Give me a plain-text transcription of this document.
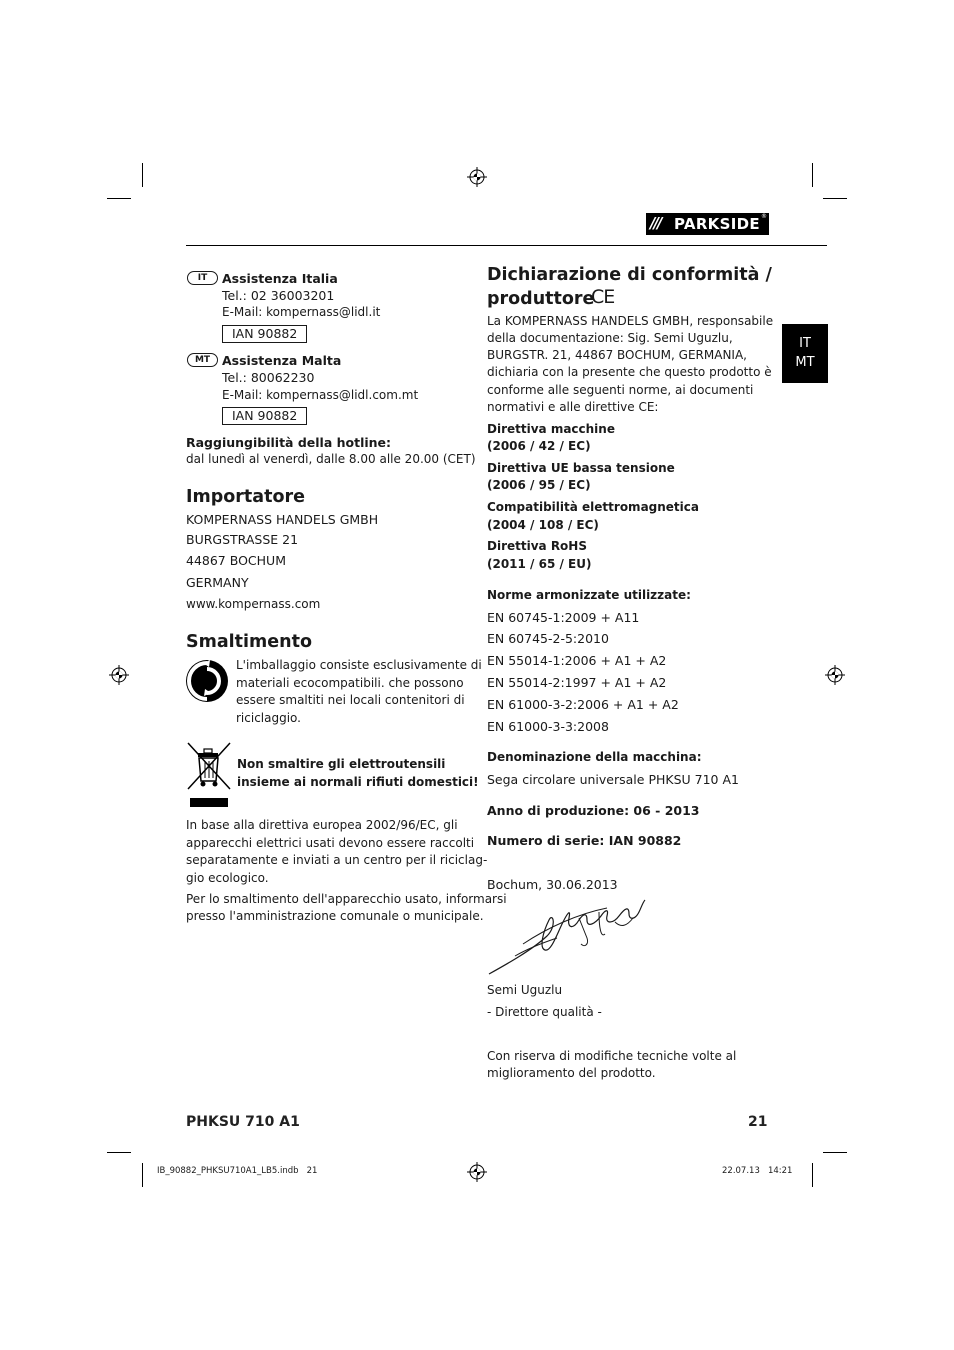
/// PARKSIDE ®
IT
MT
IT	Assistenza Italia
Tel.: 02 36003201
E-Mail: kompernass@lidl.it
IAN 90882
MT Assistenza Malta
Tel.: 80062230
E-Mail: kompernass@lidl.com.mt
IAN 90882
Raggiungibilità della hotline:
dal lunedì al venerdì, dalle 8.00 alle 20.00 (CET)
Importatore
KOMPERNASS HANDELS GMBH
BURGSTRASSE 21
44867 BOCHUM
GERMANY
www.kompernass.com
Smaltimento
L'imballaggio consiste esclusivamente di
materiali ecocompatibili. che possono
essere smaltiti nei locali contenitori di
riciclaggio.
Non smaltire gli elettroutensili
insieme ai normali rifiuti domestici!
In base alla direttiva europea 2002/96/EC, gli
apparecchi elettrici usati devono essere raccolti
separatamente e inviati a un centro per il riciclag-
gio ecologico.
Per lo smaltimento dell'apparecchio usato, informarsi
presso l'amministrazione comunale o municipale.
Dichiarazione di conformità /
produttore
CE
La KOMPERNASS HANDELS GMBH, responsabile
della documentazione: Sig. Semi Uguzlu,
BURGSTR. 21, 44867 BOCHUM, GERMANIA,
dichiaria con la presente che questo prodotto è
conforme alle seguenti norme, ai documenti
normativi e alle direttive CE:
Direttiva macchine
(2006 / 42 / EC)
Direttiva UE bassa tensione
(2006 / 95 / EC)
Compatibilità elettromagnetica
(2004 / 108 / EC)
Direttiva RoHS
(2011 / 65 / EU)
Norme armonizzate utilizzate:
EN 60745-1:2009 + A11
EN 60745-2-5:2010
EN 55014-1:2006 + A1 + A2
EN 55014-2:1997 + A1 + A2
EN 61000-3-2:2006 + A1 + A2
EN 61000-3-3:2008
Denominazione della macchina:
Sega circolare universale PHKSU 710 A1
Anno di produzione: 06 - 2013
Numero di serie: IAN 90882
Bochum, 30.06.2013
Semi Uguzlu
- Direttore qualità -
Con riserva di modifiche tecniche volte al
miglioramento del prodotto.
PHKSU 710 A1	21
IB_90882_PHKSU710A1_LB5.indb   21	22.07.13   14:21
